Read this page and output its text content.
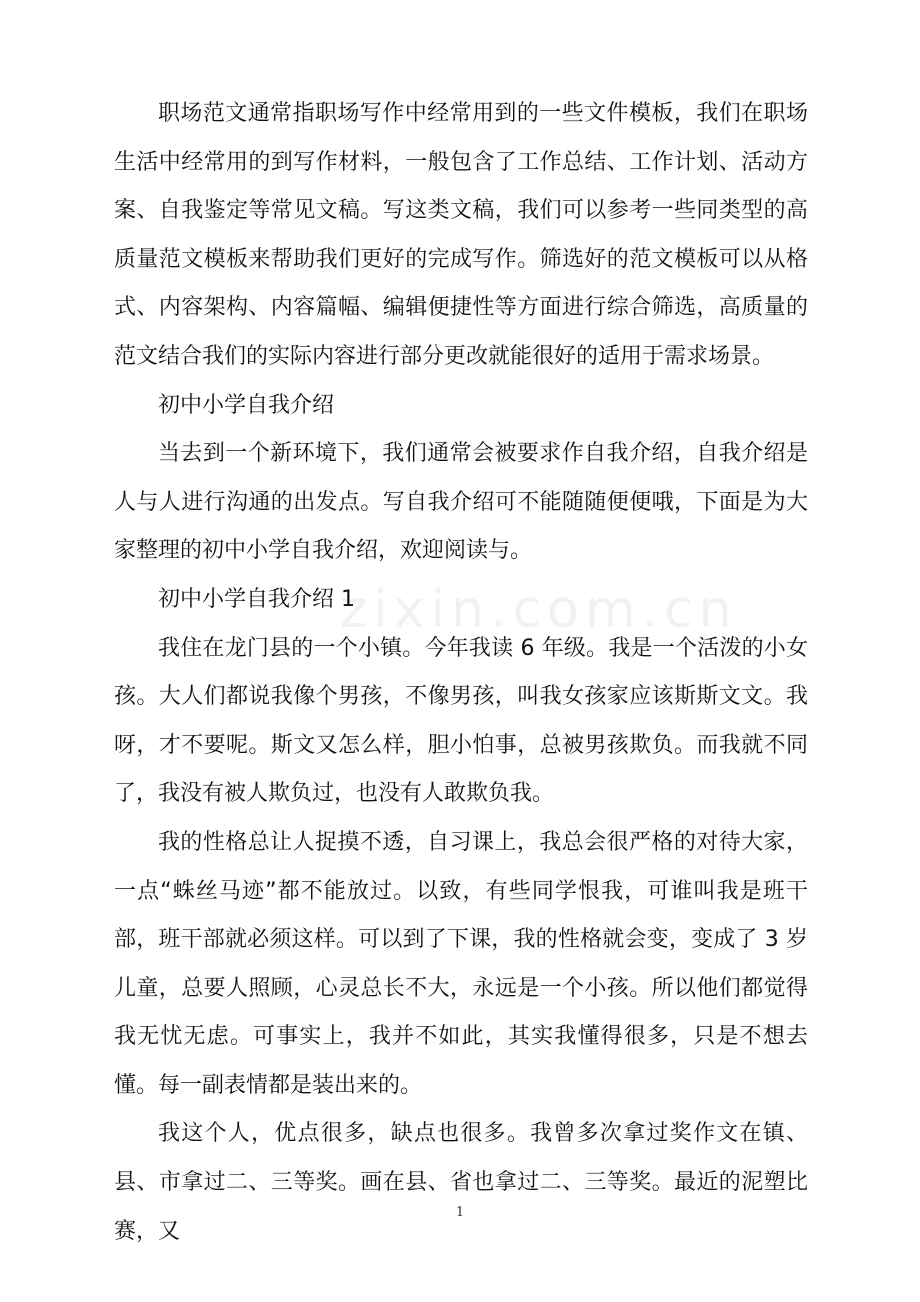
zixin.com.cn

职场范文通常指职场写作中经常用到的一些文件模板，我们在职场生活中经常用的到写作材料，一般包含了工作总结、工作计划、活动方案、自我鉴定等常见文稿。写这类文稿，我们可以参考一些同类型的高质量范文模板来帮助我们更好的完成写作。筛选好的范文模板可以从格式、内容架构、内容篇幅、编辑便捷性等方面进行综合筛选，高质量的范文结合我们的实际内容进行部分更改就能很好的适用于需求场景。

初中小学自我介绍

当去到一个新环境下，我们通常会被要求作自我介绍，自我介绍是人与人进行沟通的出发点。写自我介绍可不能随随便便哦，下面是为大家整理的初中小学自我介绍，欢迎阅读与。

初中小学自我介绍 1

我住在龙门县的一个小镇。今年我读 6 年级。我是一个活泼的小女孩。大人们都说我像个男孩，不像男孩，叫我女孩家应该斯斯文文。我呀，才不要呢。斯文又怎么样，胆小怕事，总被男孩欺负。而我就不同了，我没有被人欺负过，也没有人敢欺负我。

我的性格总让人捉摸不透，自习课上，我总会很严格的对待大家，一点“蛛丝马迹”都不能放过。以致，有些同学恨我，可谁叫我是班干部，班干部就必须这样。可以到了下课，我的性格就会变，变成了 3 岁儿童，总要人照顾，心灵总长不大，永远是一个小孩。所以他们都觉得我无忧无虑。可事实上，我并不如此，其实我懂得很多，只是不想去懂。每一副表情都是装出来的。

我这个人，优点很多，缺点也很多。我曾多次拿过奖作文在镇、县、市拿过二、三等奖。画在县、省也拿过二、三等奖。最近的泥塑比赛，又

1
